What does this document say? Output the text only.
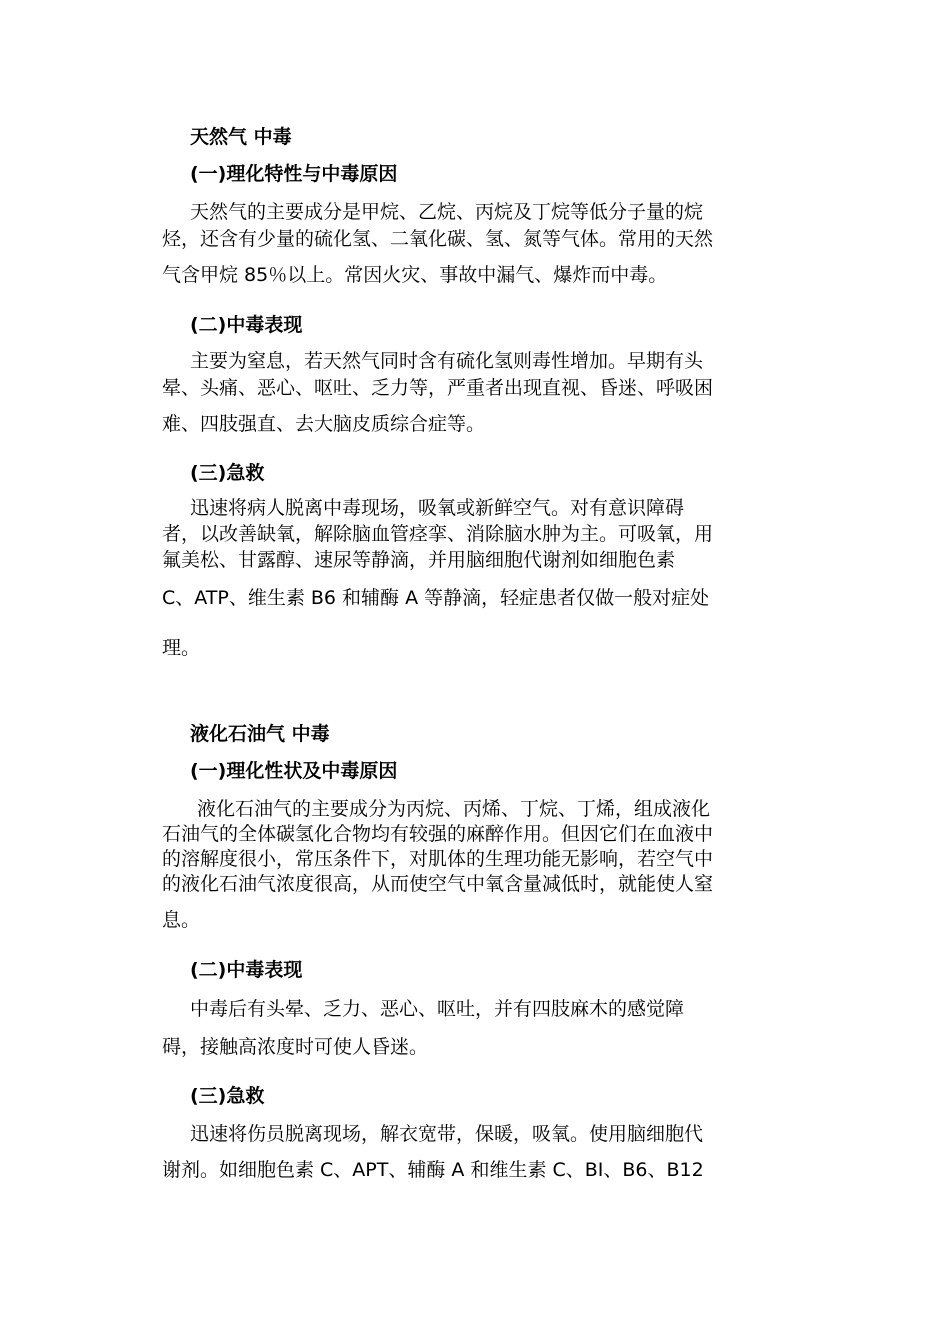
天然气 中毒
(一)理化特性与中毒原因
天然气的主要成分是甲烷、乙烷、丙烷及丁烷等低分子量的烷
烃，还含有少量的硫化氢、二氧化碳、氢、氮等气体。常用的天然
气含甲烷 85％以上。常因火灾、事故中漏气、爆炸而中毒。
(二)中毒表现
主要为窒息，若天然气同时含有硫化氢则毒性增加。早期有头
晕、头痛、恶心、呕吐、乏力等，严重者出现直视、昏迷、呼吸困
难、四肢强直、去大脑皮质综合症等。
(三)急救
迅速将病人脱离中毒现场，吸氧或新鲜空气。对有意识障碍
者，以改善缺氧，解除脑血管痉挛、消除脑水肿为主。可吸氧，用
氟美松、甘露醇、速尿等静滴，并用脑细胞代谢剂如细胞色素
C、ATP、维生素 B6 和辅酶 A 等静滴，轻症患者仅做一般对症处
理。
液化石油气 中毒
(一)理化性状及中毒原因
液化石油气的主要成分为丙烷、丙烯、丁烷、丁烯，组成液化
石油气的全体碳氢化合物均有较强的麻醉作用。但因它们在血液中
的溶解度很小，常压条件下，对肌体的生理功能无影响，若空气中
的液化石油气浓度很高，从而使空气中氧含量减低时，就能使人窒
息。
(二)中毒表现
中毒后有头晕、乏力、恶心、呕吐，并有四肢麻木的感觉障
碍，接触高浓度时可使人昏迷。
(三)急救
迅速将伤员脱离现场，解衣宽带，保暖，吸氧。使用脑细胞代
谢剂。如细胞色素 C、APT、辅酶 A 和维生素 C、BI、B6、B12
